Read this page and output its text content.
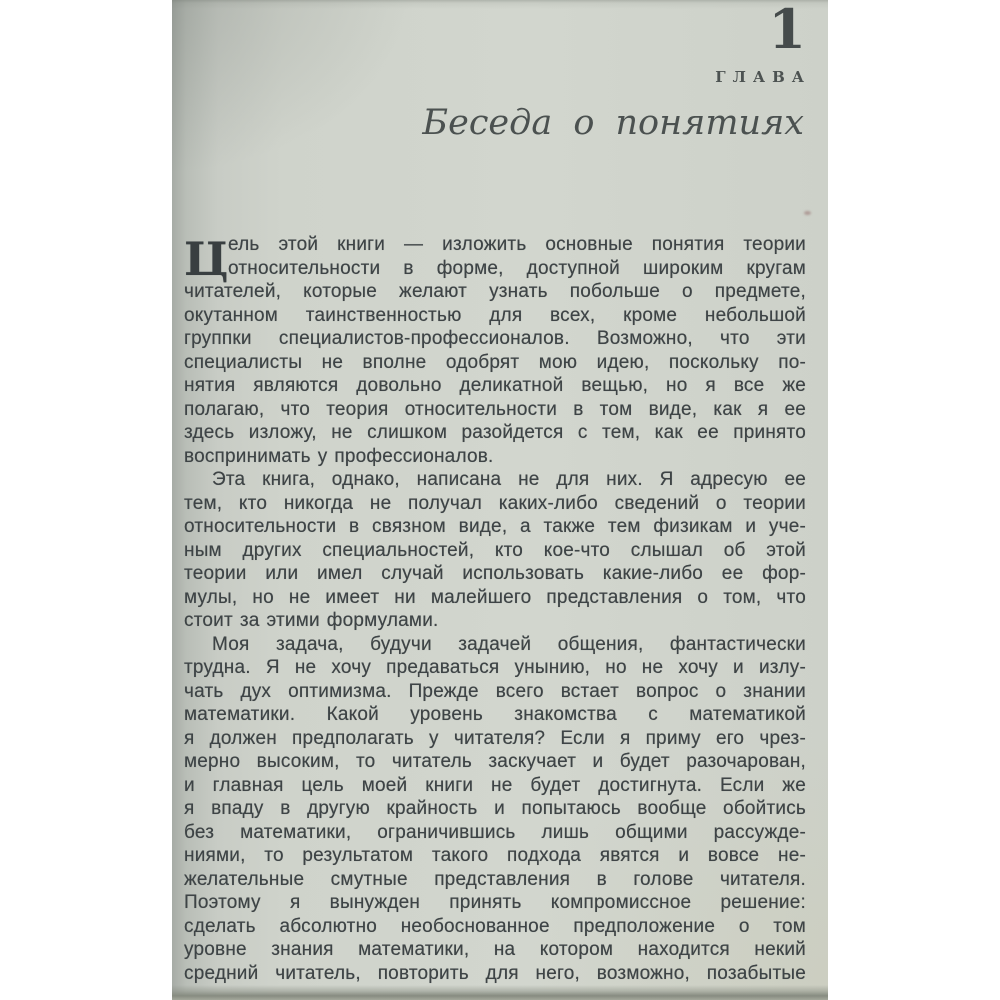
1
ГЛАВА
Беседа о понятиях
Ц ель этой книги — изложить основные понятия теории
относительности в форме, доступной широким кругам
читателей, которые желают узнать побольше о предмете,
окутанном таинственностью для всех, кроме небольшой
группки специалистов-профессионалов. Возможно, что эти
специалисты не вполне одобрят мою идею, поскольку по-
нятия являются довольно деликатной вещью, но я все же
полагаю, что теория относительности в том виде, как я ее
здесь изложу, не слишком разойдется с тем, как ее принято
воспринимать у профессионалов.
Эта книга, однако, написана не для них. Я адресую ее
тем, кто никогда не получал каких-либо сведений о теории
относительности в связном виде, а также тем физикам и уче-
ным других специальностей, кто кое-что слышал об этой
теории или имел случай использовать какие-либо ее фор-
мулы, но не имеет ни малейшего представления о том, что
стоит за этими формулами.
Моя задача, будучи задачей общения, фантастически
трудна. Я не хочу предаваться унынию, но не хочу и излу-
чать дух оптимизма. Прежде всего встает вопрос о знании
математики. Какой уровень знакомства с математикой
я должен предполагать у читателя? Если я приму его чрез-
мерно высоким, то читатель заскучает и будет разочарован,
и главная цель моей книги не будет достигнута. Если же
я впаду в другую крайность и попытаюсь вообще обойтись
без математики, ограничившись лишь общими рассужде-
ниями, то результатом такого подхода явятся и вовсе не-
желательные смутные представления в голове читателя.
Поэтому я вынужден принять компромиссное решение:
сделать абсолютно необоснованное предположение о том
уровне знания математики, на котором находится некий
средний читатель, повторить для него, возможно, позабытые
